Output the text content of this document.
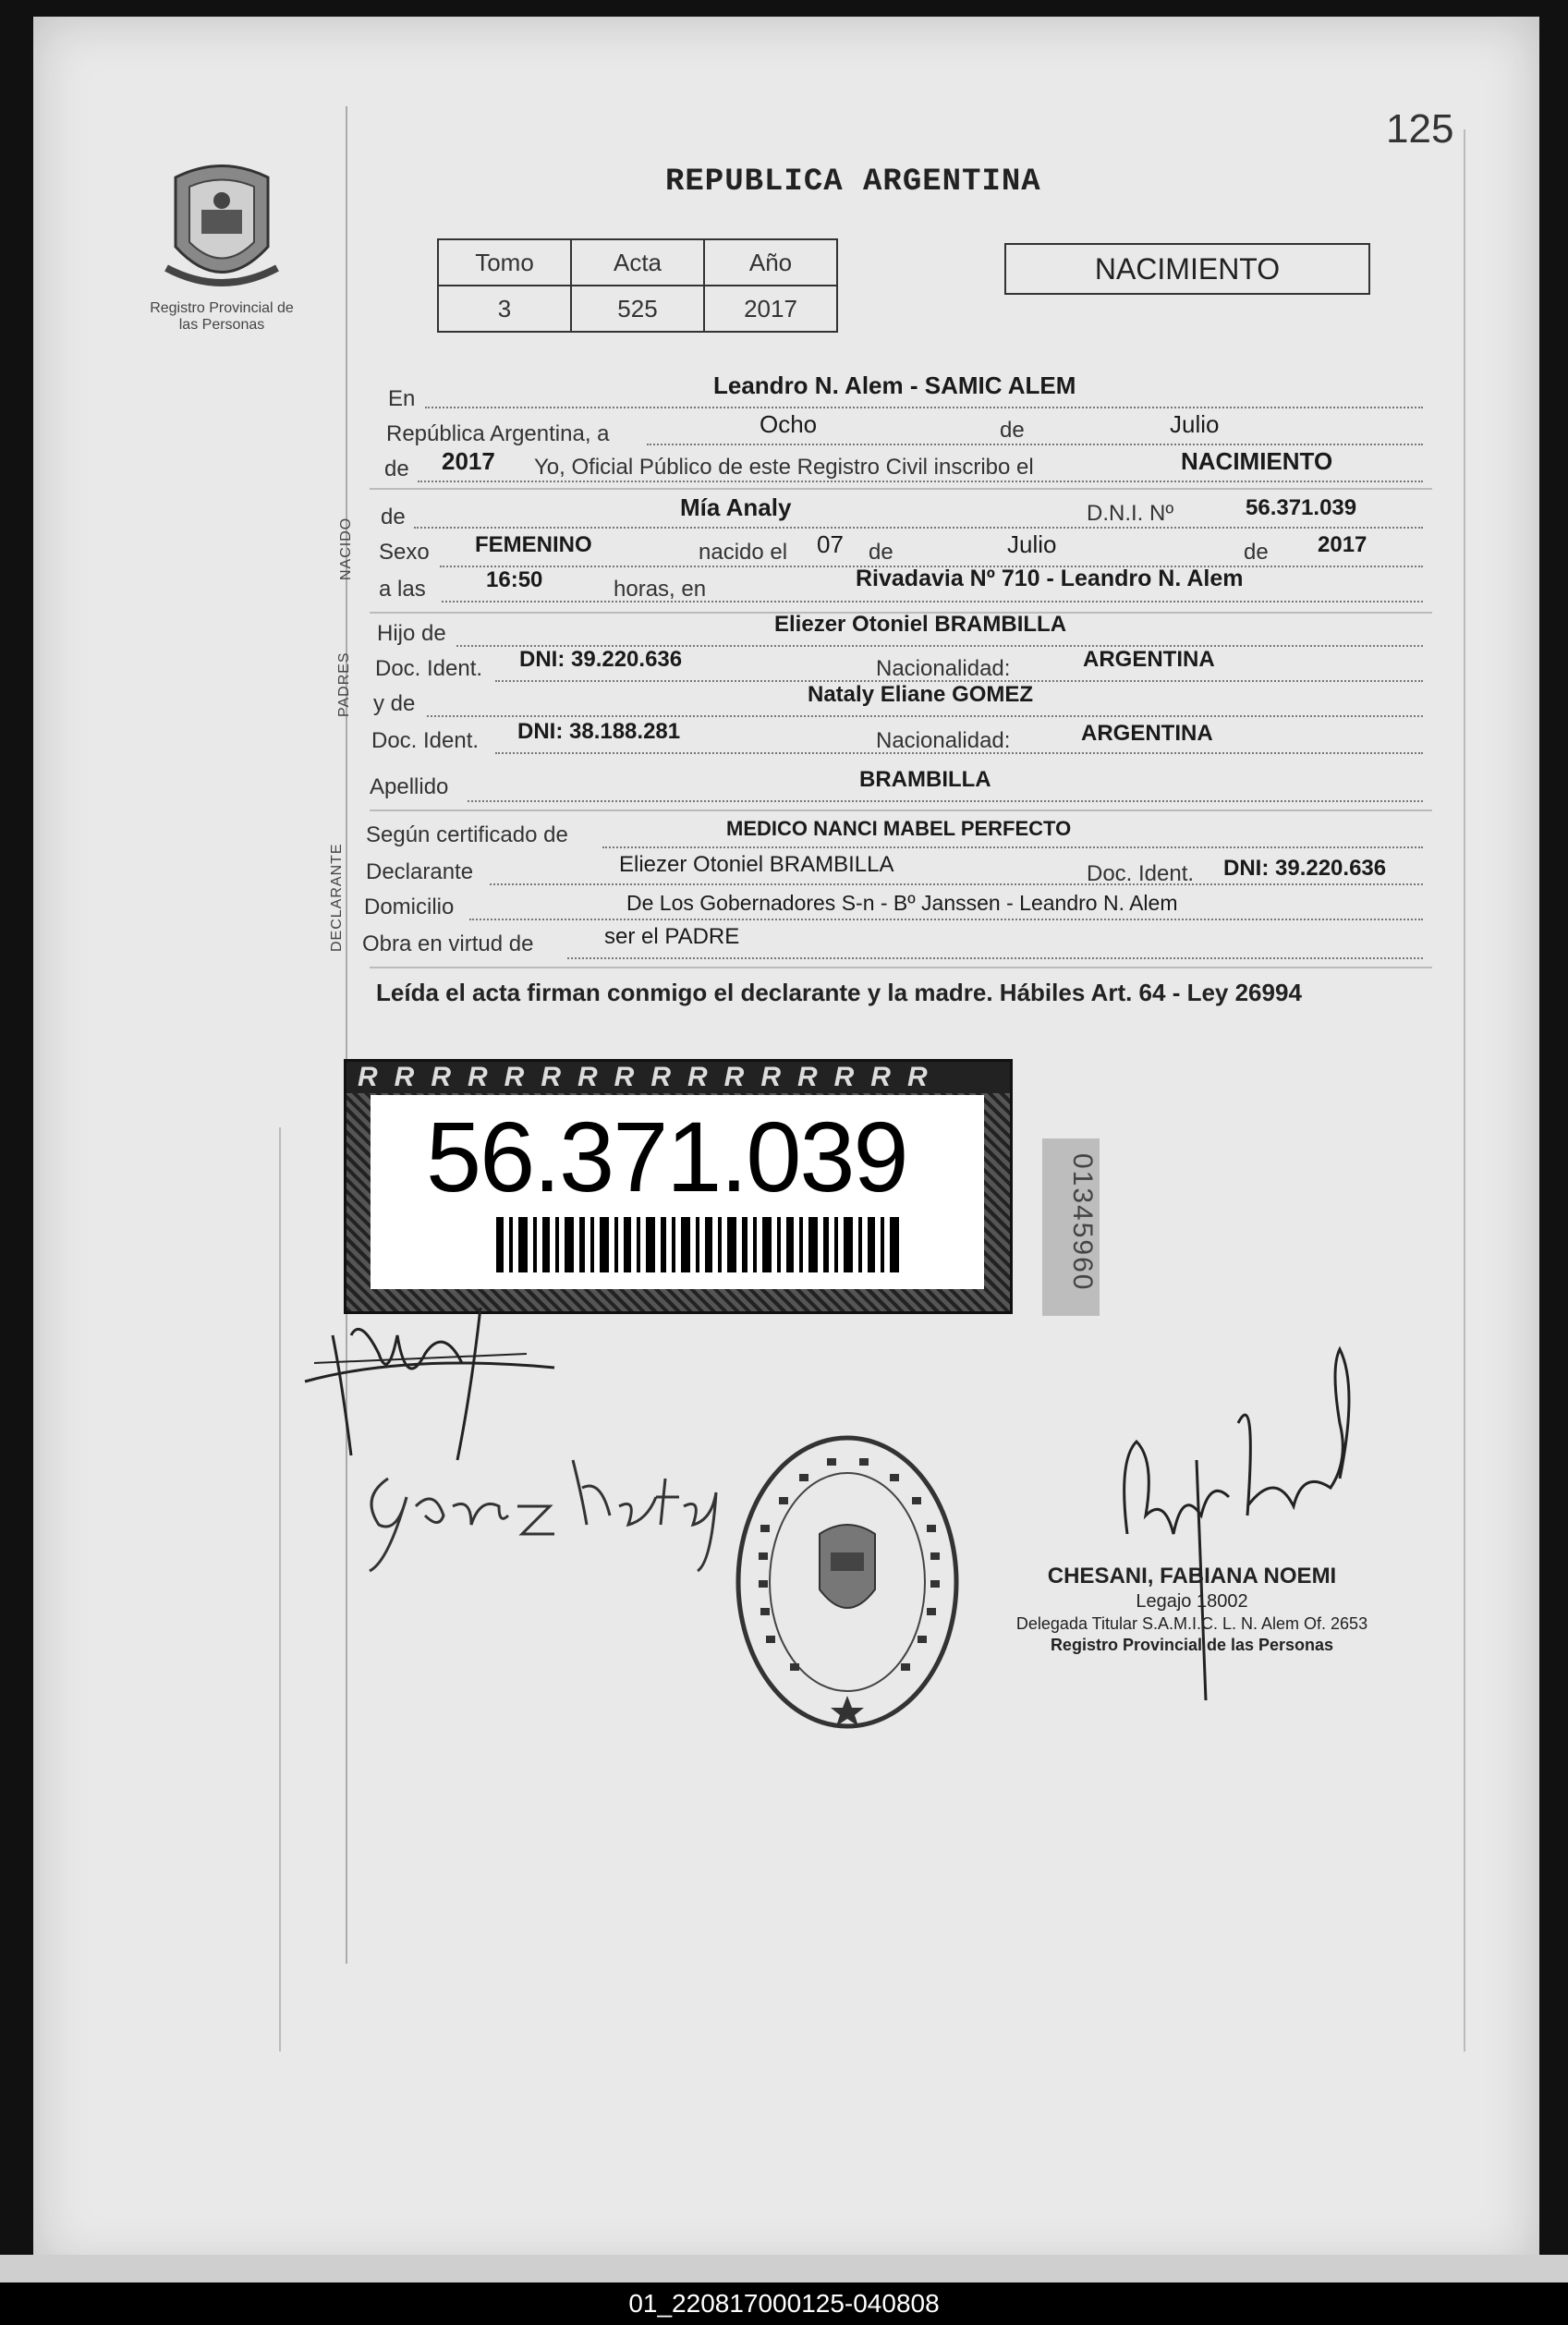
125
Registro Provincial de las Personas
REPUBLICA ARGENTINA
Tomo	Acta	Año
3	525	2017
NACIMIENTO
En	Leandro N. Alem - SAMIC ALEM
República Argentina, a	Ocho	de	Julio
de 2017 Yo, Oficial Público de este Registro Civil inscribo el	NACIMIENTO
NACIDO
de	Mía Analy	D.N.I. Nº	56.371.039
Sexo FEMENINO	nacido el 07 de	Julio	de 2017
a las	16:50	horas, en	Rivadavia Nº 710 - Leandro N. Alem
PADRES
Hijo de	Eliezer Otoniel BRAMBILLA
Doc. Ident. DNI: 39.220.636	Nacionalidad:	ARGENTINA
y de	Nataly Eliane GOMEZ
Doc. Ident. DNI: 38.188.281	Nacionalidad:	ARGENTINA
Apellido	BRAMBILLA
DECLARANTE
Según certificado de	MEDICO NANCI MABEL PERFECTO
Declarante	Eliezer Otoniel BRAMBILLA	Doc. Ident. DNI: 39.220.636
Domicilio	De Los Gobernadores S-n - Bº Janssen - Leandro N. Alem
Obra en virtud de	ser el PADRE
Leída el acta firman conmigo el declarante y la madre. Hábiles Art. 64 - Ley 26994
RRRRRRRRRRRRRRRR
56.371.039	01345960
Gomez nataly
CHESANI, FABIANA NOEMI
Legajo 18002
Delegada Titular S.A.M.I.C. L. N. Alem Of. 2653
Registro Provincial de las Personas
01_220817000125-040808
